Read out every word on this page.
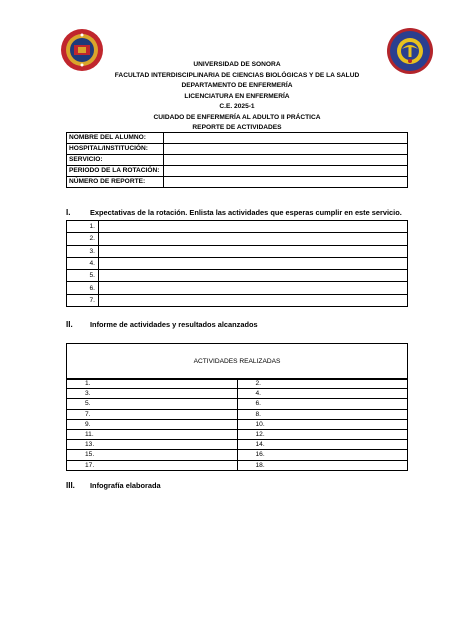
UNIVERSIDAD DE SONORA
FACULTAD INTERDISCIPLINARIA DE CIENCIAS BIOLÓGICAS Y DE LA SALUD
DEPARTAMENTO DE ENFERMERÍA
LICENCIATURA EN ENFERMERÍA
C.E. 2025-1
CUIDADO DE ENFERMERÍA AL ADULTO II PRÁCTICA
REPORTE DE ACTIVIDADES
NOMBRE DEL ALUMNO:	
HOSPITAL/INSTITUCIÓN:	
SERVICIO:	
PERIODO DE LA ROTACIÓN:	
NÚMERO DE REPORTE:	
I.	Expectativas de la rotación. Enlista las actividades que esperas cumplir en este servicio.
1.	
2.	
3.	
4.	
5.	
6.	
7.	
II. Informe de actividades y resultados alcanzados
ACTIVIDADES REALIZADAS
1.	2.
3.	4.
5.	6.
7.	8.
9.	10.
11.	12.
13.	14.
15.	16.
17.	18.
III. Infografía elaborada
